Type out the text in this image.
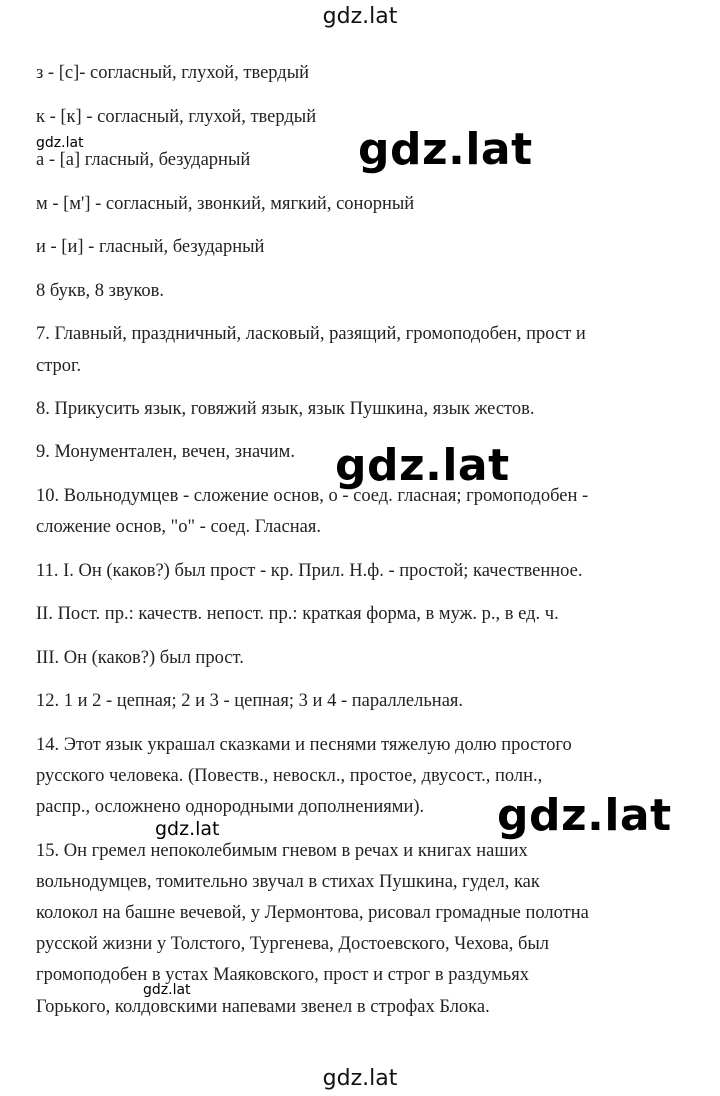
gdz.lat
з - [с]- согласный, глухой, твердый
к - [к] - согласный, глухой, твердый
а - [а] гласный, безударный
м - [м'] - согласный, звонкий, мягкий, сонорный
и - [и] - гласный, безударный
8 букв, 8 звуков.
7. Главный, праздничный, ласковый, разящий, громоподобен, прост и
строг.
8. Прикусить язык, говяжий язык, язык Пушкина, язык жестов.
9. Монументален, вечен, значим.
10. Вольнодумцев - сложение основ, о - соед. гласная; громоподобен -
сложение основ, "о" - соед. Гласная.
11. I. Он (каков?) был прост - кр. Прил. Н.ф. - простой; качественное.
II. Пост. пр.: качеств. непост. пр.: краткая форма, в муж. р., в ед. ч.
III. Он (каков?) был прост.
12. 1 и 2 - цепная; 2 и 3 - цепная; 3 и 4 - параллельная.
14. Этот язык украшал сказками и песнями тяжелую долю простого
русского человека. (Повеств., невоскл., простое, двусост., полн.,
распр., осложнено однородными дополнениями).
15. Он гремел непоколебимым гневом в речах и книгах наших
вольнодумцев, томительно звучал в стихах Пушкина, гудел, как
колокол на башне вечевой, у Лермонтова, рисовал громадные полотна
русской жизни у Толстого, Тургенева, Достоевского, Чехова, был
громоподобен в устах Маяковского, прост и строг в раздумьях
Горького, колдовскими напевами звенел в строфах Блока.
gdz.lat	gdz.lat
gdz.lat
gdz.lat
gdz.lat
gdz.lat
gdz.lat
